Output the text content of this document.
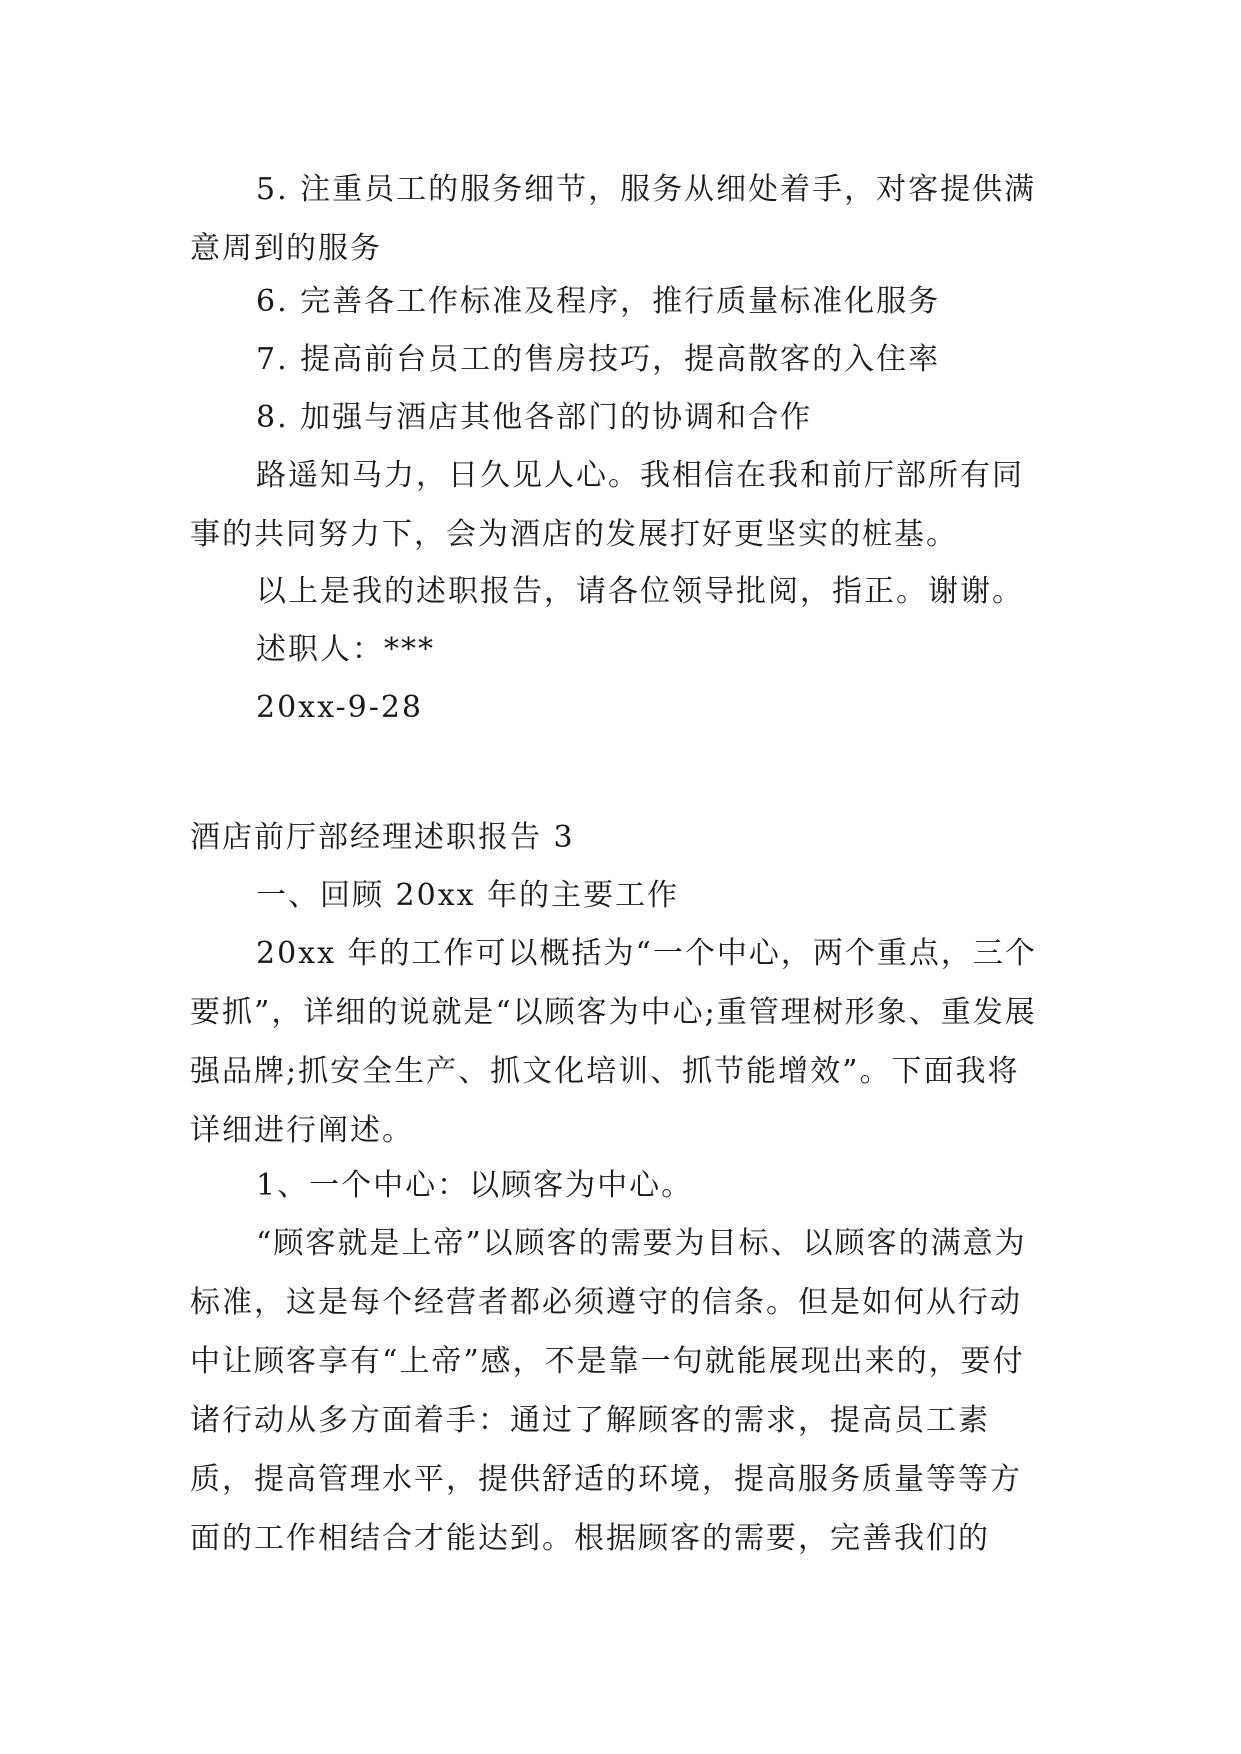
5. 注重员工的服务细节，服务从细处着手，对客提供满意周到的服务

6. 完善各工作标准及程序，推行质量标准化服务

7. 提高前台员工的售房技巧，提高散客的入住率

8. 加强与酒店其他各部门的协调和合作

路遥知马力，日久见人心。我相信在我和前厅部所有同事的共同努力下，会为酒店的发展打好更坚实的桩基。

以上是我的述职报告，请各位领导批阅，指正。谢谢。

述职人：***

20xx-9-28

酒店前厅部经理述职报告 3

一、回顾 20xx 年的主要工作

20xx 年的工作可以概括为“一个中心，两个重点，三个要抓”，详细的说就是“以顾客为中心;重管理树形象、重发展强品牌;抓安全生产、抓文化培训、抓节能增效”。下面我将详细进行阐述。

1、一个中心：以顾客为中心。

“顾客就是上帝”以顾客的需要为目标、以顾客的满意为标准，这是每个经营者都必须遵守的信条。但是如何从行动中让顾客享有“上帝”感，不是靠一句就能展现出来的，要付诸行动从多方面着手：通过了解顾客的需求，提高员工素质，提高管理水平，提供舒适的环境，提高服务质量等等方面的工作相结合才能达到。根据顾客的需要，完善我们的
